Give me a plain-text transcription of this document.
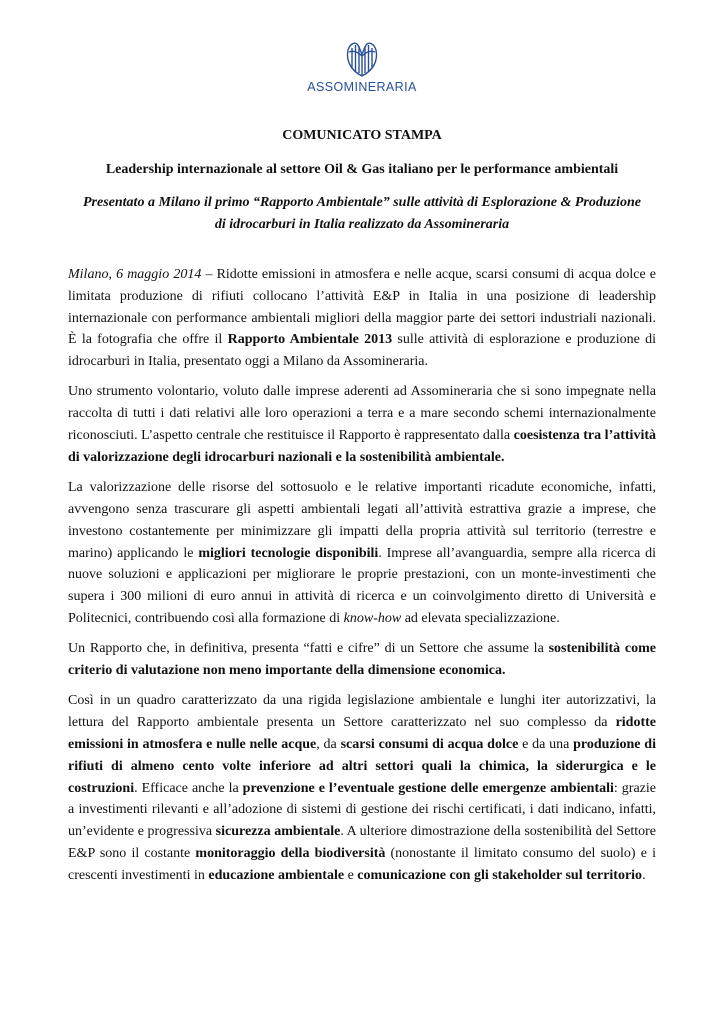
ASSOMINERARIA

COMUNICATO STAMPA

Leadership internazionale al settore Oil & Gas italiano per le performance ambientali

Presentato a Milano il primo “Rapporto Ambientale” sulle attività di Esplorazione & Produzione
di idrocarburi in Italia realizzato da Assomineraria

Milano, 6 maggio 2014 – Ridotte emissioni in atmosfera e nelle acque, scarsi consumi di acqua dolce e limitata produzione di rifiuti collocano l’attività E&P in Italia in una posizione di leadership internazionale con performance ambientali migliori della maggior parte dei settori industriali nazionali. È la fotografia che offre il Rapporto Ambientale 2013 sulle attività di esplorazione e produzione di idrocarburi in Italia, presentato oggi a Milano da Assomineraria.

Uno strumento volontario, voluto dalle imprese aderenti ad Assomineraria che si sono impegnate nella raccolta di tutti i dati relativi alle loro operazioni a terra e a mare secondo schemi internazionalmente riconosciuti. L’aspetto centrale che restituisce il Rapporto è rappresentato dalla coesistenza tra l’attività di valorizzazione degli idrocarburi nazionali e la sostenibilità ambientale.

La valorizzazione delle risorse del sottosuolo e le relative importanti ricadute economiche, infatti, avvengono senza trascurare gli aspetti ambientali legati all’attività estrattiva grazie a imprese, che investono costantemente per minimizzare gli impatti della propria attività sul territorio (terrestre e marino) applicando le migliori tecnologie disponibili. Imprese all’avanguardia, sempre alla ricerca di nuove soluzioni e applicazioni per migliorare le proprie prestazioni, con un monte-investimenti che supera i 300 milioni di euro annui in attività di ricerca e un coinvolgimento diretto di Università e Politecnici, contribuendo così alla formazione di know-how ad elevata specializzazione.

Un Rapporto che, in definitiva, presenta “fatti e cifre” di un Settore che assume la sostenibilità come criterio di valutazione non meno importante della dimensione economica.

Così in un quadro caratterizzato da una rigida legislazione ambientale e lunghi iter autorizzativi, la lettura del Rapporto ambientale presenta un Settore caratterizzato nel suo complesso da ridotte emissioni in atmosfera e nulle nelle acque, da scarsi consumi di acqua dolce e da una produzione di rifiuti di almeno cento volte inferiore ad altri settori quali la chimica, la siderurgica e le costruzioni. Efficace anche la prevenzione e l’eventuale gestione delle emergenze ambientali: grazie a investimenti rilevanti e all’adozione di sistemi di gestione dei rischi certificati, i dati indicano, infatti, un’evidente e progressiva sicurezza ambientale. A ulteriore dimostrazione della sostenibilità del Settore E&P sono il costante monitoraggio della biodiversità (nonostante il limitato consumo del suolo) e i crescenti investimenti in educazione ambientale e comunicazione con gli stakeholder sul territorio.
